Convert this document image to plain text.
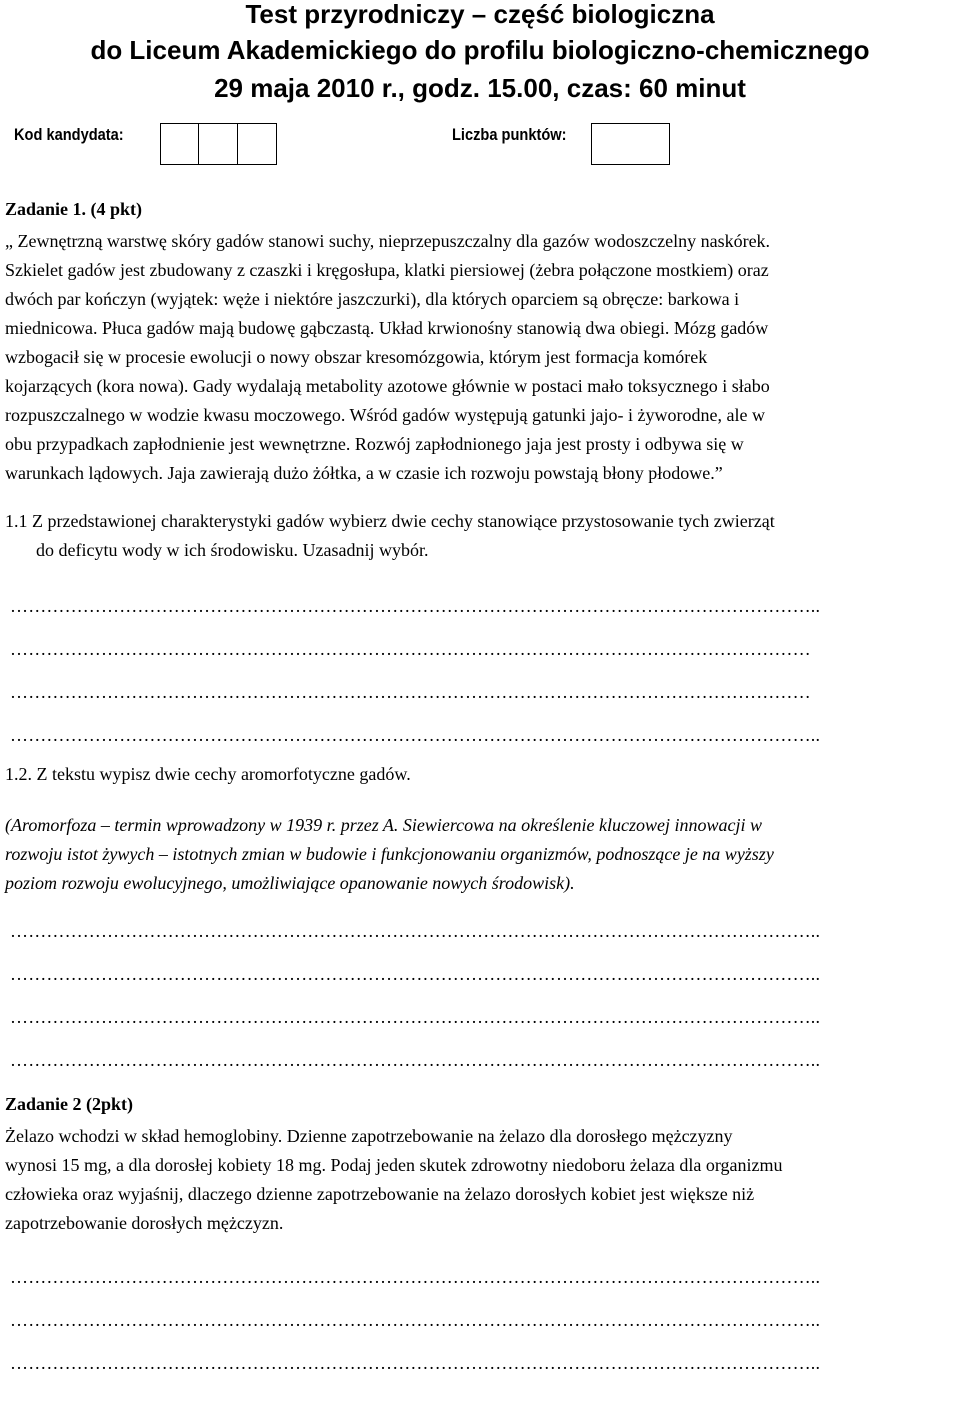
Test przyrodniczy – część biologiczna
do Liceum Akademickiego do profilu biologiczno-chemicznego
29 maja 2010 r., godz. 15.00, czas: 60 minut
Kod kandydata:	Liczba punktów:
Zadanie 1. (4 pkt)
„ Zewnętrzną warstwę skóry gadów stanowi suchy, nieprzepuszczalny dla gazów wodoszczelny naskórek.
Szkielet gadów jest zbudowany z czaszki i kręgosłupa, klatki piersiowej (żebra połączone mostkiem) oraz
dwóch par kończyn (wyjątek: węże i niektóre jaszczurki), dla których oparciem są obręcze: barkowa i
miednicowa. Płuca gadów mają budowę gąbczastą. Układ krwionośny stanowią dwa obiegi. Mózg gadów
wzbogacił się w procesie ewolucji o nowy obszar kresomózgowia, którym jest formacja komórek
kojarzących (kora nowa). Gady wydalają metabolity azotowe głównie w postaci mało toksycznego i słabo
rozpuszczalnego w wodzie kwasu moczowego. Wśród gadów występują gatunki jajo- i żyworodne, ale w
obu przypadkach zapłodnienie jest wewnętrzne. Rozwój zapłodnionego jaja jest prosty i odbywa się w
warunkach lądowych. Jaja zawierają dużo żółtka, a w czasie ich rozwoju powstają błony płodowe.”
1.1 Z przedstawionej charakterystyki gadów wybierz dwie cechy stanowiące przystosowanie tych zwierząt
do deficytu wody w ich środowisku. Uzasadnij wybór.
……………………………………………………………………………………………………………………..
……………………………………………………………………………………………………………………
……………………………………………………………………………………………………………………
……………………………………………………………………………………………………………………..
1.2. Z tekstu wypisz dwie cechy aromorfotyczne gadów.
(Aromorfoza – termin wprowadzony w 1939 r. przez A. Siewiercowa na określenie kluczowej innowacji w
rozwoju istot żywych – istotnych zmian w budowie i funkcjonowaniu organizmów, podnoszące je na wyższy
poziom rozwoju ewolucyjnego, umożliwiające opanowanie nowych środowisk).
……………………………………………………………………………………………………………………..
……………………………………………………………………………………………………………………..
……………………………………………………………………………………………………………………..
……………………………………………………………………………………………………………………..
Zadanie 2 (2pkt)
Żelazo wchodzi w skład hemoglobiny. Dzienne zapotrzebowanie na żelazo dla dorosłego mężczyzny
wynosi 15 mg, a dla dorosłej kobiety 18 mg. Podaj jeden skutek zdrowotny niedoboru żelaza dla organizmu
człowieka oraz wyjaśnij, dlaczego dzienne zapotrzebowanie na żelazo dorosłych kobiet jest większe niż
zapotrzebowanie dorosłych mężczyzn.
……………………………………………………………………………………………………………………..
……………………………………………………………………………………………………………………..
……………………………………………………………………………………………………………………..
